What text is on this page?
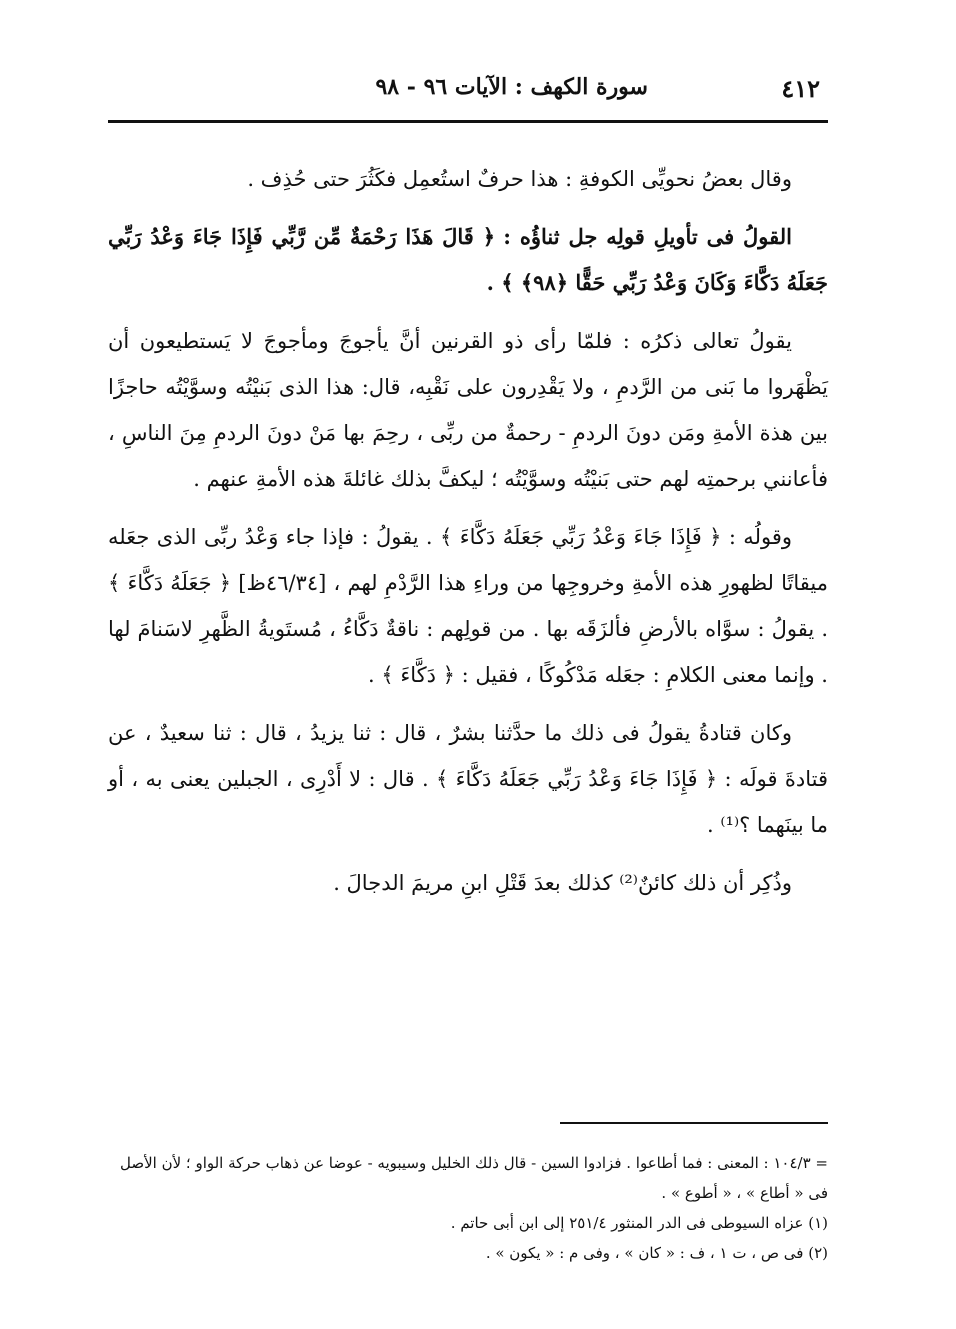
٤١٢
سورة الكهف : الآيات ٩٦ - ٩٨

وقال بعضُ نحويِّى الكوفةِ : هذا حرفٌ استُعمِل فكَثُرَ حتى حُذِف .

القولُ فى تأويلِ قولِه جل ثناؤُه : ﴿ قَالَ هَذَا رَحْمَةٌ مِّن رَّبِّي فَإِذَا جَاءَ وَعْدُ رَبِّي جَعَلَهُ دَكَّاءَ وَكَانَ وَعْدُ رَبِّي حَقًّا ﴿٩٨﴾ ﴾ .

يقولُ تعالى ذكرُه : فلمّا رأى ذو القرنين أنَّ يأجوجَ ومأجوجَ لا يَستطيعون أن يَظْهَروا ما بَنى من الرَّدمِ ، ولا يَقْدِرون على نَقْبِه، قال: هذا الذى بَنيْتُه وسوَّيْتُه حاجزًا بين هذة الأمةِ ومَن دونَ الردمِ - رحمةٌ من ربِّى ، رحِمَ بها مَنْ دونَ الردمِ مِنَ الناسِ ، فأعانني برحمتِه لهم حتى بَنيْتُه وسوَّيْتُه ؛ ليكفَّ بذلك غائلةَ هذه الأمةِ عنهم .

وقولُه : ﴿ فَإِذَا جَاءَ وَعْدُ رَبِّي جَعَلَهُ دَكَّاءَ ﴾ . يقولُ : فإذا جاء وَعْدُ ربِّى الذى جعَله ميقاتًا لظهورِ هذه الأمةِ وخروجِها من وراءِ هذا الرَّدْمِ لهم ، [٤٦/٣٤ظ] ﴿ جَعَلَهُ دَكَّاءَ ﴾ . يقولُ : سوَّاه بالأرضِ فألزَقَه بها . من قولِهم : ناقةٌ دَكَّاءُ ، مُستَويةُ الظَّهرِ لاسَنامَ لها . وإنما معنى الكلامِ : جعَله مَدْكُوكًا ، فقيل : ﴿ دَكَّاءَ ﴾ .

وكان قتادةُ يقولُ فى ذلك ما حدَّثنا بشرٌ ، قال : ثنا يزيدُ ، قال : ثنا سعيدٌ ، عن قتادةَ قولَه : ﴿ فَإِذَا جَاءَ وَعْدُ رَبِّي جَعَلَهُ دَكَّاءَ ﴾ . قال : لا أَدْرِى ، الجبلين يعنى به ، أو ما بينَهما ؟⁽¹⁾ .

وذُكِر أن ذلك كائنٌ⁽²⁾ كذلك بعدَ قَتْلِ ابنِ مريمَ الدجالَ .

= ١٠٤/٣ : المعنى : فما أطاعوا . فزادوا السين - قال ذلك الخليل وسيبويه - عوضا عن ذهاب حركة الواو ؛ لأن الأصل فى « أطاع » ، « أطوع » .

(١) عزاه السيوطى فى الدر المنثور ٢٥١/٤ إلى ابن أبى حاتم .

(٢) فى ص ، ت ١ ، ف : « كان » ، وفى م : « يكون » .
